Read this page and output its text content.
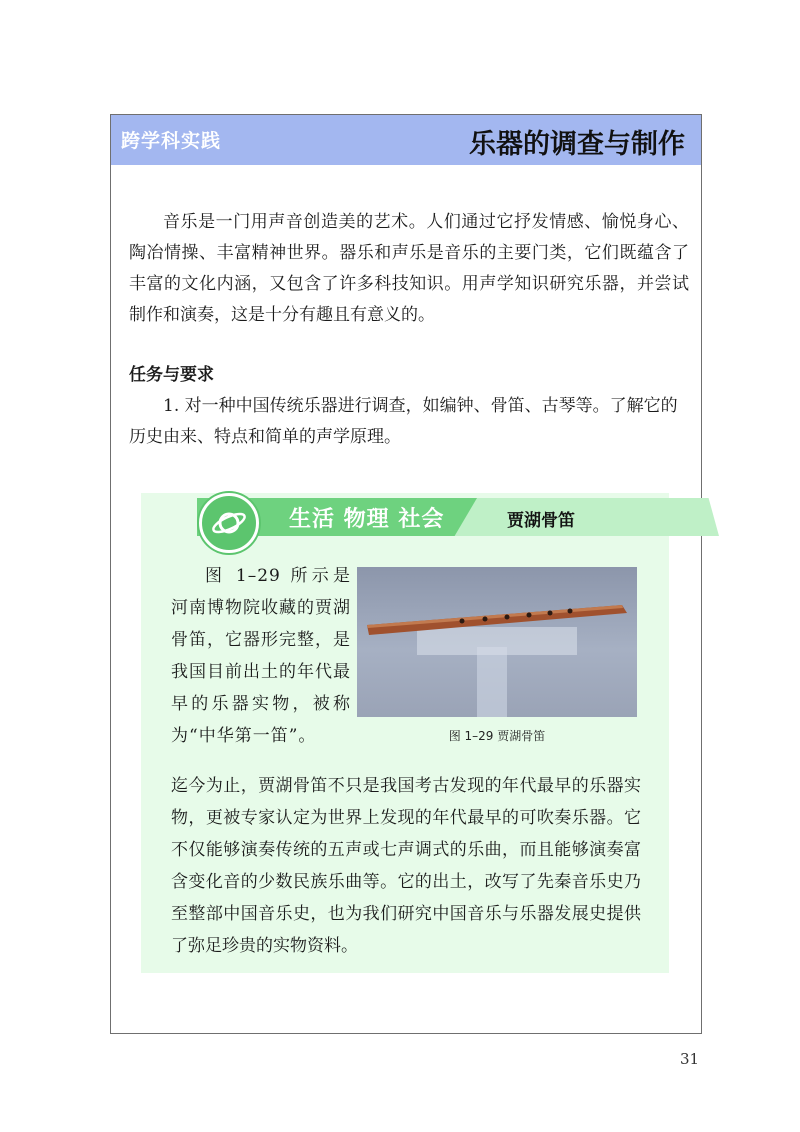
跨学科实践	乐器的调查与制作

音乐是一门用声音创造美的艺术。人们通过它抒发情感、愉悦身心、陶冶情操、丰富精神世界。器乐和声乐是音乐的主要门类，它们既蕴含了丰富的文化内涵，又包含了许多科技知识。用声学知识研究乐器，并尝试制作和演奏，这是十分有趣且有意义的。

任务与要求

1. 对一种中国传统乐器进行调查，如编钟、骨笛、古琴等。了解它的历史由来、特点和简单的声学原理。

生活 物理 社会	贾湖骨笛

图 1–29 所示是河南博物院收藏的贾湖骨笛，它器形完整，是我国目前出土的年代最早的乐器实物，被称为“中华第一笛”。	图 1–29 贾湖骨笛

迄今为止，贾湖骨笛不只是我国考古发现的年代最早的乐器实物，更被专家认定为世界上发现的年代最早的可吹奏乐器。它不仅能够演奏传统的五声或七声调式的乐曲，而且能够演奏富含变化音的少数民族乐曲等。它的出土，改写了先秦音乐史乃至整部中国音乐史，也为我们研究中国音乐与乐器发展史提供了弥足珍贵的实物资料。

31
